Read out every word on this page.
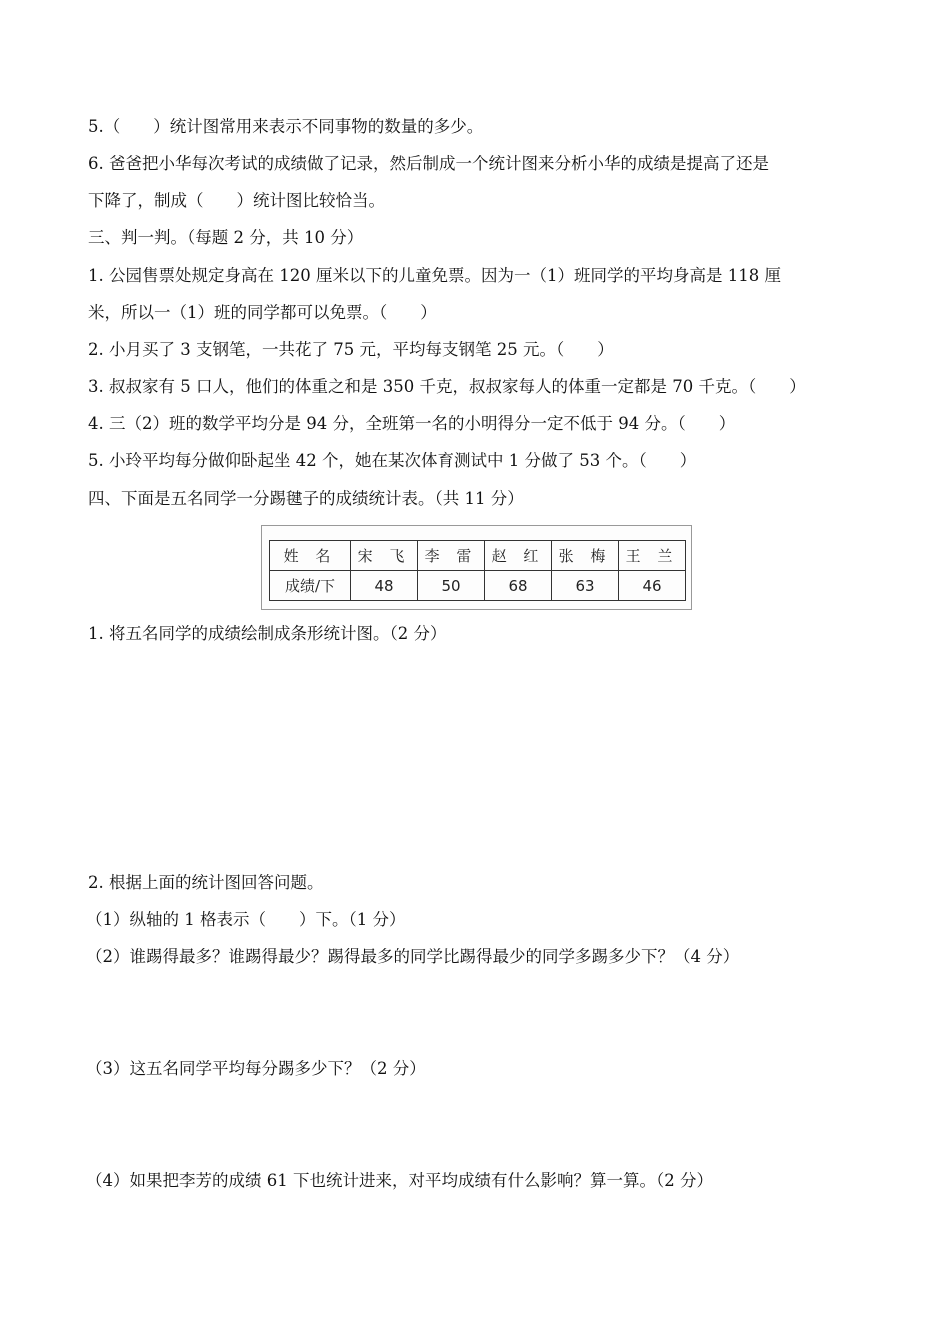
5.（　　）统计图常用来表示不同事物的数量的多少。
6. 爸爸把小华每次考试的成绩做了记录，然后制成一个统计图来分析小华的成绩是提高了还是
下降了，制成（　　）统计图比较恰当。
三、判一判。（每题 2 分，共 10 分）
1. 公园售票处规定身高在 120 厘米以下的儿童免票。因为一（1）班同学的平均身高是 118 厘
米，所以一（1）班的同学都可以免票。（　　）
2. 小月买了 3 支钢笔，一共花了 75 元，平均每支钢笔 25 元。（　　）
3. 叔叔家有 5 口人，他们的体重之和是 350 千克，叔叔家每人的体重一定都是 70 千克。（　　）
4. 三（2）班的数学平均分是 94 分，全班第一名的小明得分一定不低于 94 分。（　　）
5. 小玲平均每分做仰卧起坐 42 个，她在某次体育测试中 1 分做了 53 个。（　　）
四、下面是五名同学一分踢毽子的成绩统计表。（共 11 分）
姓 名	宋 飞	李 雷	赵 红	张 梅	王 兰
成绩/下	48	50	68	63	46
1. 将五名同学的成绩绘制成条形统计图。（2 分）
2. 根据上面的统计图回答问题。
（1）纵轴的 1 格表示（　　）下。（1 分）
（2）谁踢得最多？谁踢得最少？踢得最多的同学比踢得最少的同学多踢多少下？（4 分）
（3）这五名同学平均每分踢多少下？（2 分）
（4）如果把李芳的成绩 61 下也统计进来，对平均成绩有什么影响？算一算。（2 分）
